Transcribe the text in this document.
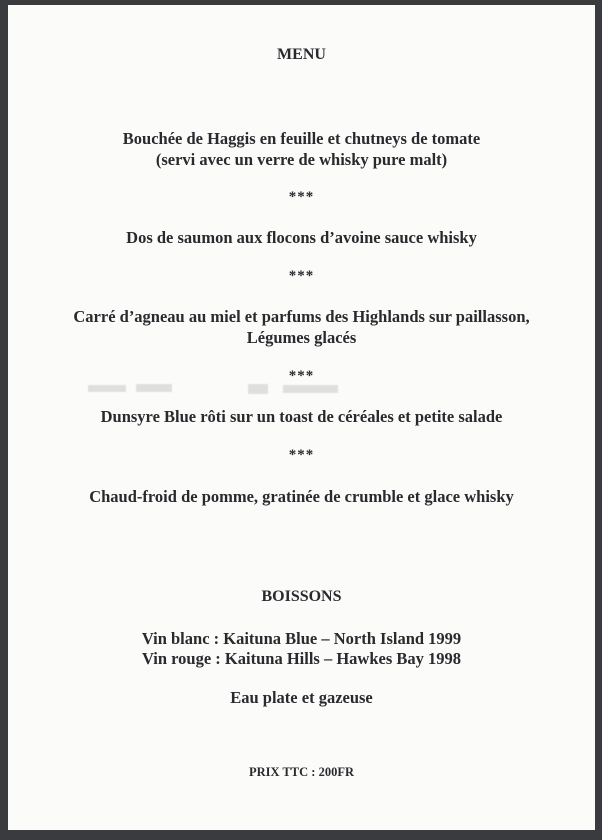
MENU
Bouchée de Haggis en feuille et chutneys de tomate
(servi avec un verre de whisky pure malt)
***
Dos de saumon aux flocons d’avoine sauce whisky
***
Carré d’agneau au miel et parfums des Highlands sur paillasson,
Légumes glacés
***
Dunsyre Blue rôti sur un toast de céréales et petite salade
***
Chaud-froid de pomme, gratinée de crumble et glace whisky
BOISSONS
Vin blanc : Kaituna Blue – North Island 1999
Vin rouge : Kaituna Hills – Hawkes Bay 1998
Eau plate et gazeuse
PRIX TTC : 200FR
